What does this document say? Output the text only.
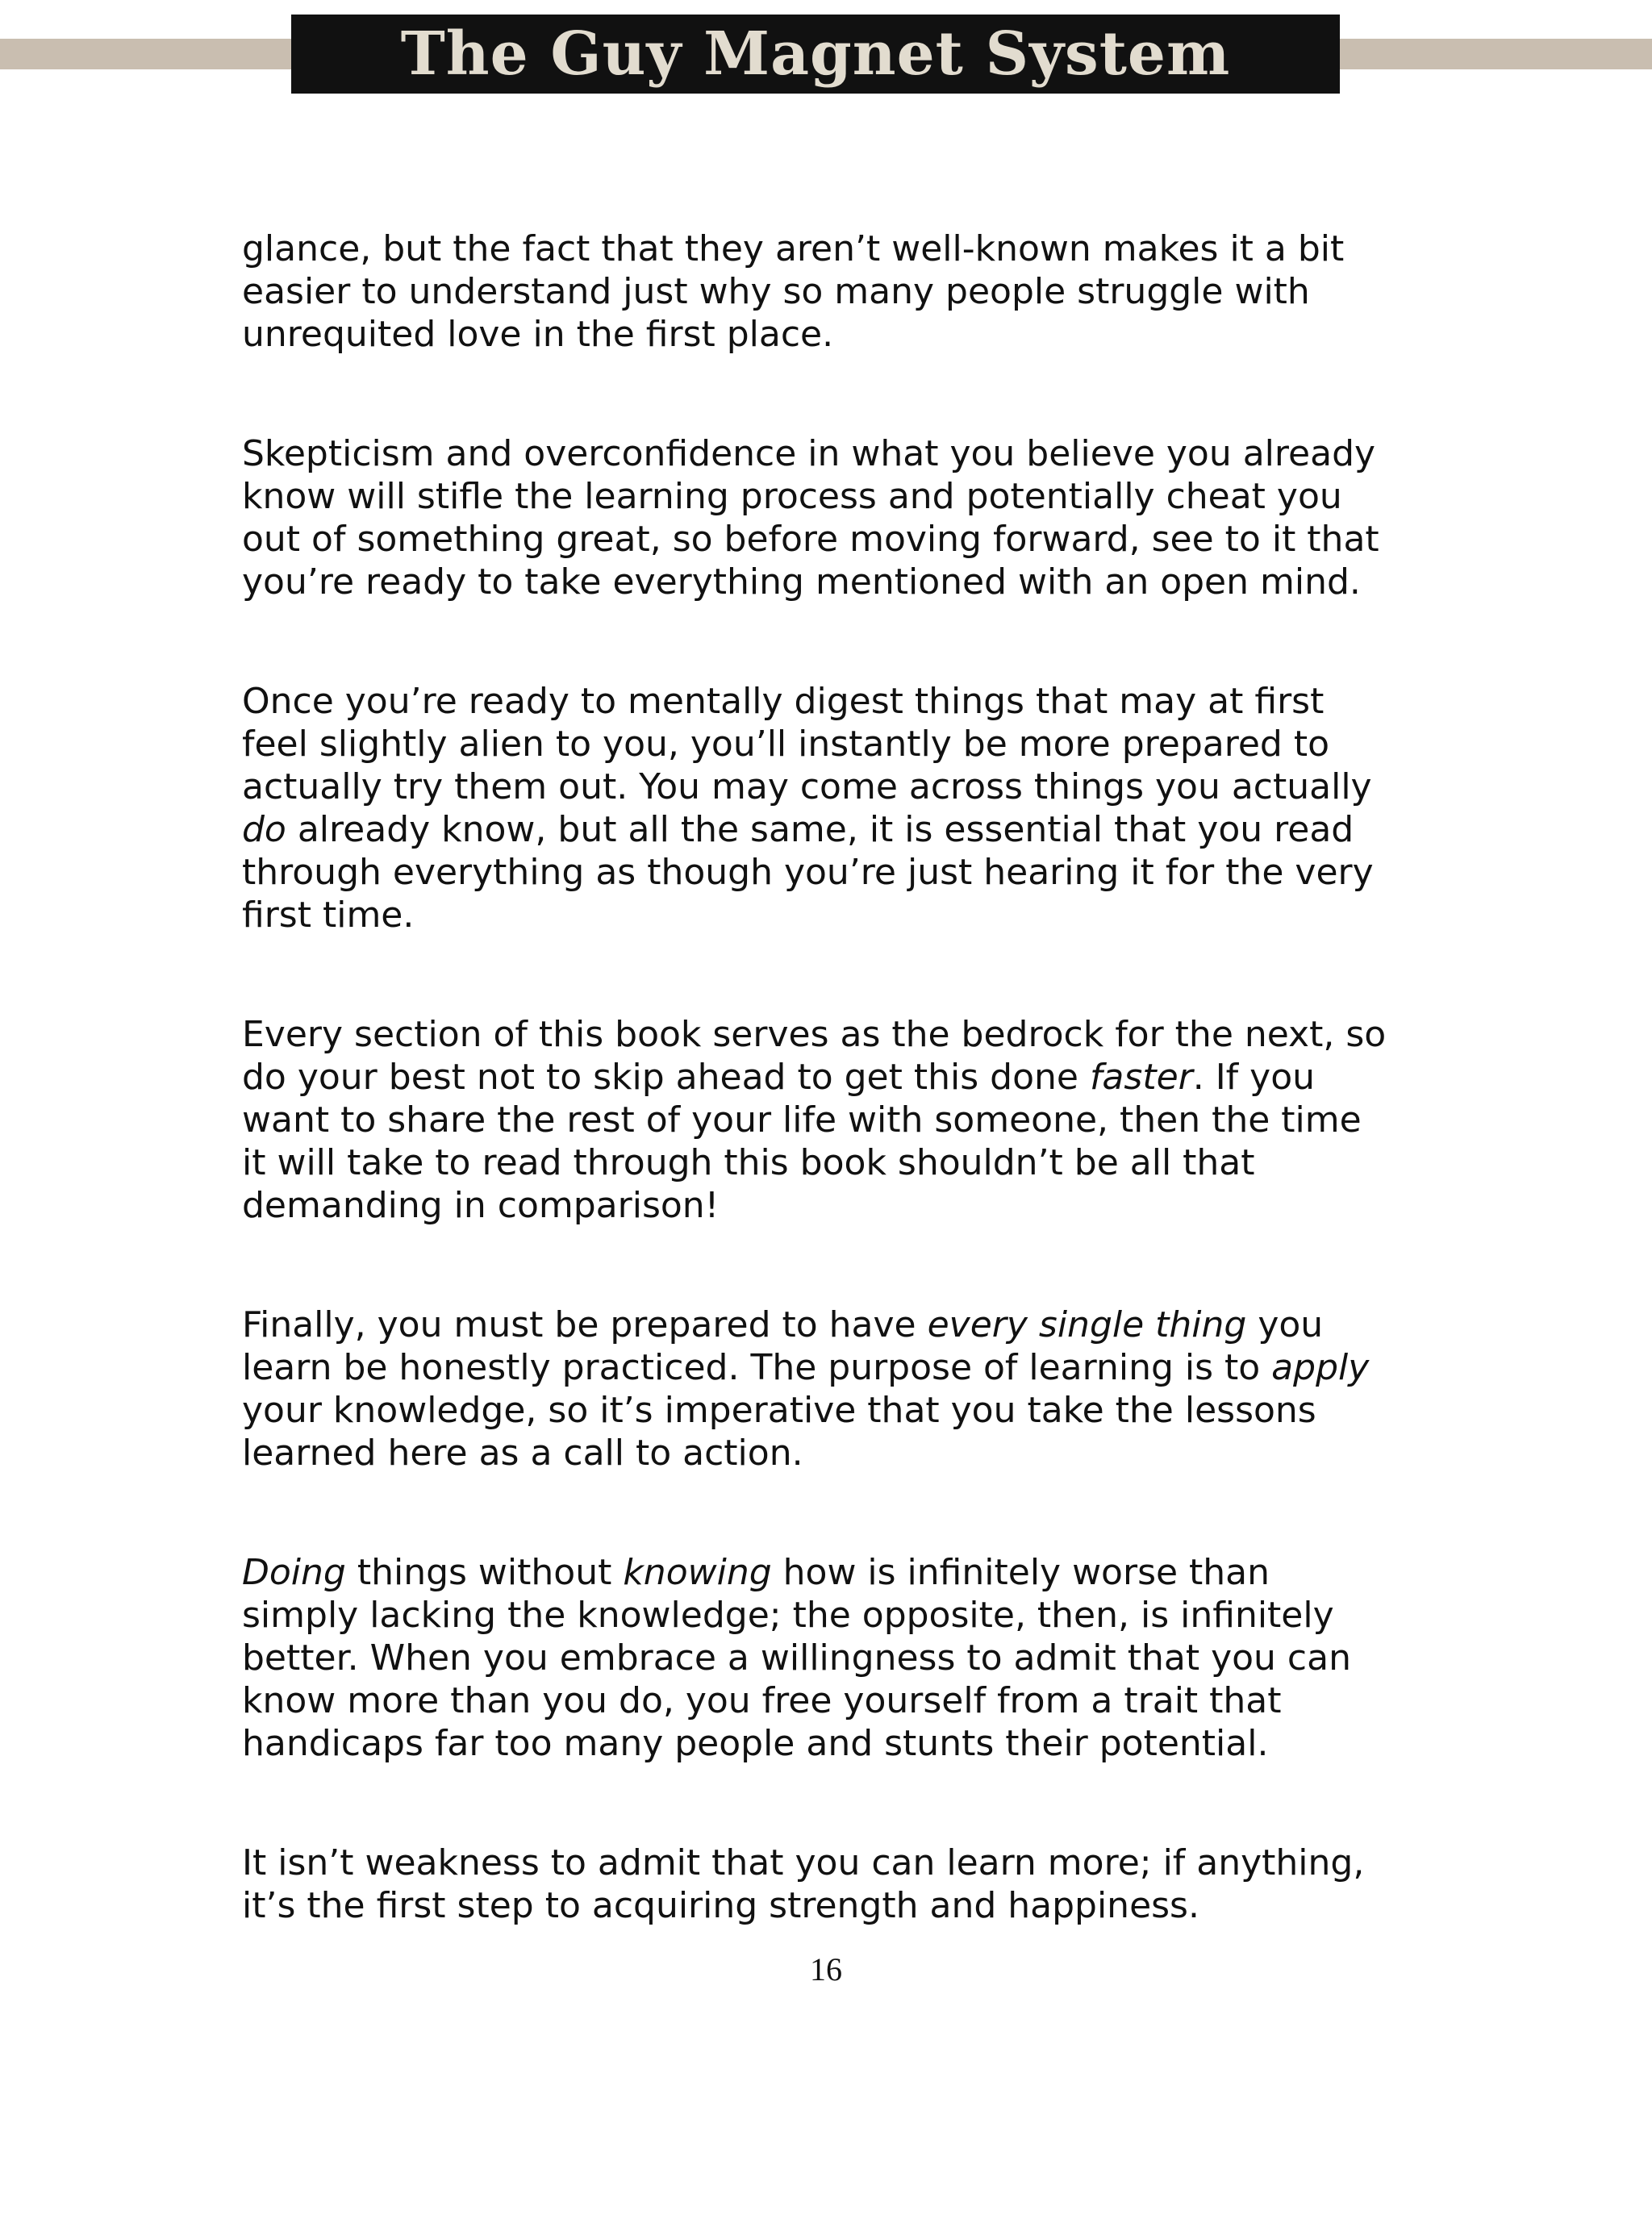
The Guy Magnet System

glance, but the fact that they aren’t well-known makes it a bit
easier to understand just why so many people struggle with
unrequited love in the first place.

Skepticism and overconfidence in what you believe you already
know will stifle the learning process and potentially cheat you
out of something great, so before moving forward, see to it that
you’re ready to take everything mentioned with an open mind.

Once you’re ready to mentally digest things that may at first
feel slightly alien to you, you’ll instantly be more prepared to
actually try them out. You may come across things you actually
do already know, but all the same, it is essential that you read
through everything as though you’re just hearing it for the very
first time.

Every section of this book serves as the bedrock for the next, so
do your best not to skip ahead to get this done faster. If you
want to share the rest of your life with someone, then the time
it will take to read through this book shouldn’t be all that
demanding in comparison!

Finally, you must be prepared to have every single thing you
learn be honestly practiced. The purpose of learning is to apply
your knowledge, so it’s imperative that you take the lessons
learned here as a call to action.

Doing things without knowing how is infinitely worse than
simply lacking the knowledge; the opposite, then, is infinitely
better. When you embrace a willingness to admit that you can
know more than you do, you free yourself from a trait that
handicaps far too many people and stunts their potential.

It isn’t weakness to admit that you can learn more; if anything,
it’s the first step to acquiring strength and happiness.

16
